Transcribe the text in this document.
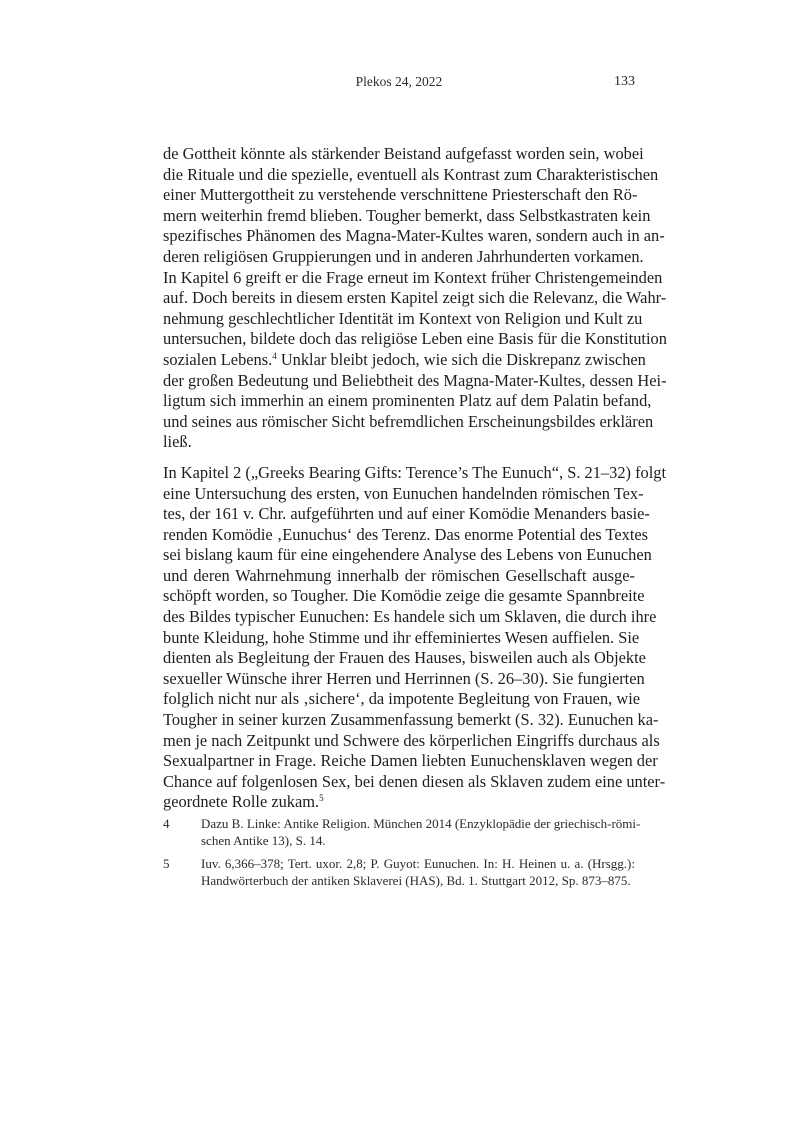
Plekos 24, 2022	133

de Gottheit könnte als stärkender Beistand aufgefasst worden sein, wobei
die Rituale und die spezielle, eventuell als Kontrast zum Charakteristischen
einer Muttergottheit zu verstehende verschnittene Priesterschaft den Rö-
mern weiterhin fremd blieben. Tougher bemerkt, dass Selbstkastraten kein
spezifisches Phänomen des Magna-Mater-Kultes waren, sondern auch in an-
deren religiösen Gruppierungen und in anderen Jahrhunderten vorkamen.
In Kapitel 6 greift er die Frage erneut im Kontext früher Christengemeinden
auf. Doch bereits in diesem ersten Kapitel zeigt sich die Relevanz, die Wahr-
nehmung geschlechtlicher Identität im Kontext von Religion und Kult zu
untersuchen, bildete doch das religiöse Leben eine Basis für die Konstitution
sozialen Lebens.$^4$ Unklar bleibt jedoch, wie sich die Diskrepanz zwischen
der großen Bedeutung und Beliebtheit des Magna-Mater-Kultes, dessen Hei-
ligtum sich immerhin an einem prominenten Platz auf dem Palatin befand,
und seines aus römischer Sicht befremdlichen Erscheinungsbildes erklären
ließ.

In Kapitel 2 („Greeks Bearing Gifts: Terence’s The Eunuch“, S. 21–32) folgt
eine Untersuchung des ersten, von Eunuchen handelnden römischen Tex-
tes, der 161 v. Chr. aufgeführten und auf einer Komödie Menanders basie-
renden Komödie ‚Eunuchus‘ des Terenz. Das enorme Potential des Textes
sei bislang kaum für eine eingehendere Analyse des Lebens von Eunuchen
und deren Wahrnehmung innerhalb der römischen Gesellschaft ausge-
schöpft worden, so Tougher. Die Komödie zeige die gesamte Spannbreite
des Bildes typischer Eunuchen: Es handele sich um Sklaven, die durch ihre
bunte Kleidung, hohe Stimme und ihr effeminiertes Wesen auffielen. Sie
dienten als Begleitung der Frauen des Hauses, bisweilen auch als Objekte
sexueller Wünsche ihrer Herren und Herrinnen (S. 26–30). Sie fungierten
folglich nicht nur als ‚sichere‘, da impotente Begleitung von Frauen, wie
Tougher in seiner kurzen Zusammenfassung bemerkt (S. 32). Eunuchen ka-
men je nach Zeitpunkt und Schwere des körperlichen Eingriffs durchaus als
Sexualpartner in Frage. Reiche Damen liebten Eunuchensklaven wegen der
Chance auf folgenlosen Sex, bei denen diesen als Sklaven zudem eine unter-
geordnete Rolle zukam.$^5$

4	Dazu B. Linke: Antike Religion. München 2014 (Enzyklopädie der griechisch-römi-
schen Antike 13), S. 14.
5	Iuv. 6,366–378; Tert. uxor. 2,8; P. Guyot: Eunuchen. In: H. Heinen u. a. (Hrsgg.):
Handwörterbuch der antiken Sklaverei (HAS), Bd. 1. Stuttgart 2012, Sp. 873–875.
